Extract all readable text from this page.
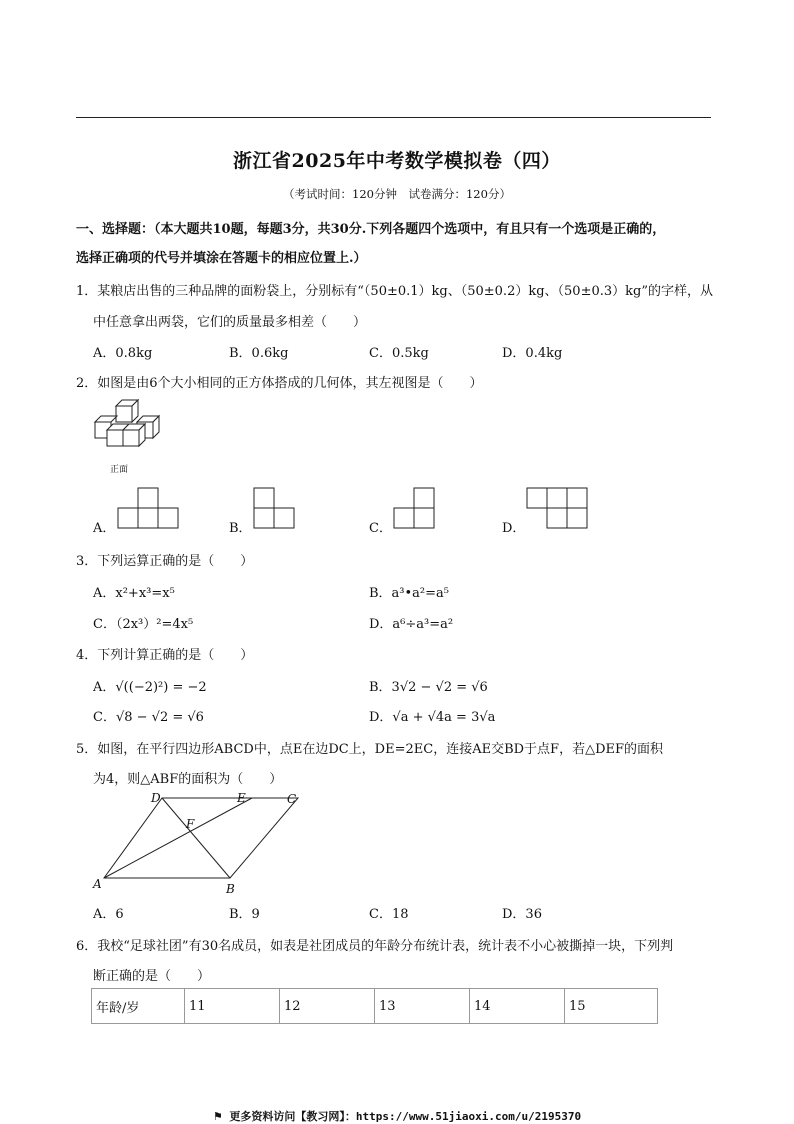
浙江省2025年中考数学模拟卷（四）
（考试时间：120分钟　试卷满分：120分）
一、选择题：（本大题共10题，每题3分，共30分.下列各题四个选项中，有且只有一个选项是正确的，
选择正确项的代号并填涂在答题卡的相应位置上.）
1．某粮店出售的三种品牌的面粉袋上，分别标有“（50±0.1）kg、（50±0.2）kg、（50±0.3）kg”的字样，从
中任意拿出两袋，它们的质量最多相差（　　）
A．0.8kg	B．0.6kg	C．0.5kg	D．0.4kg
2．如图是由6个大小相同的正方体搭成的几何体，其左视图是（　　）
正面
A．	B．	C．	D．
3．下列运算正确的是（　　）
A．x²+x³=x⁵	B．a³•a²=a⁵
C．（2x³）²=4x⁵	D．a⁶÷a³=a²
4．下列计算正确的是（　　）
A．√((−2)²) = −2	B．3√2 − √2 = √6
C．√8 − √2 = √6	D．√a + √4a = 3√a
5．如图，在平行四边形ABCD中，点E在边DC上，DE=2EC，连接AE交BD于点F，若△DEF的面积
为4，则△ABF的面积为（　　）
D	E	C
F
A	B
A．6	B．9	C．18	D．36
6．我校“足球社团”有30名成员，如表是社团成员的年龄分布统计表，统计表不小心被撕掉一块，下列判
断正确的是（　　）
年龄/岁	11	12	13	14	15
⚑ 更多资料访问【教习网】：https://www.51jiaoxi.com/u/2195370
